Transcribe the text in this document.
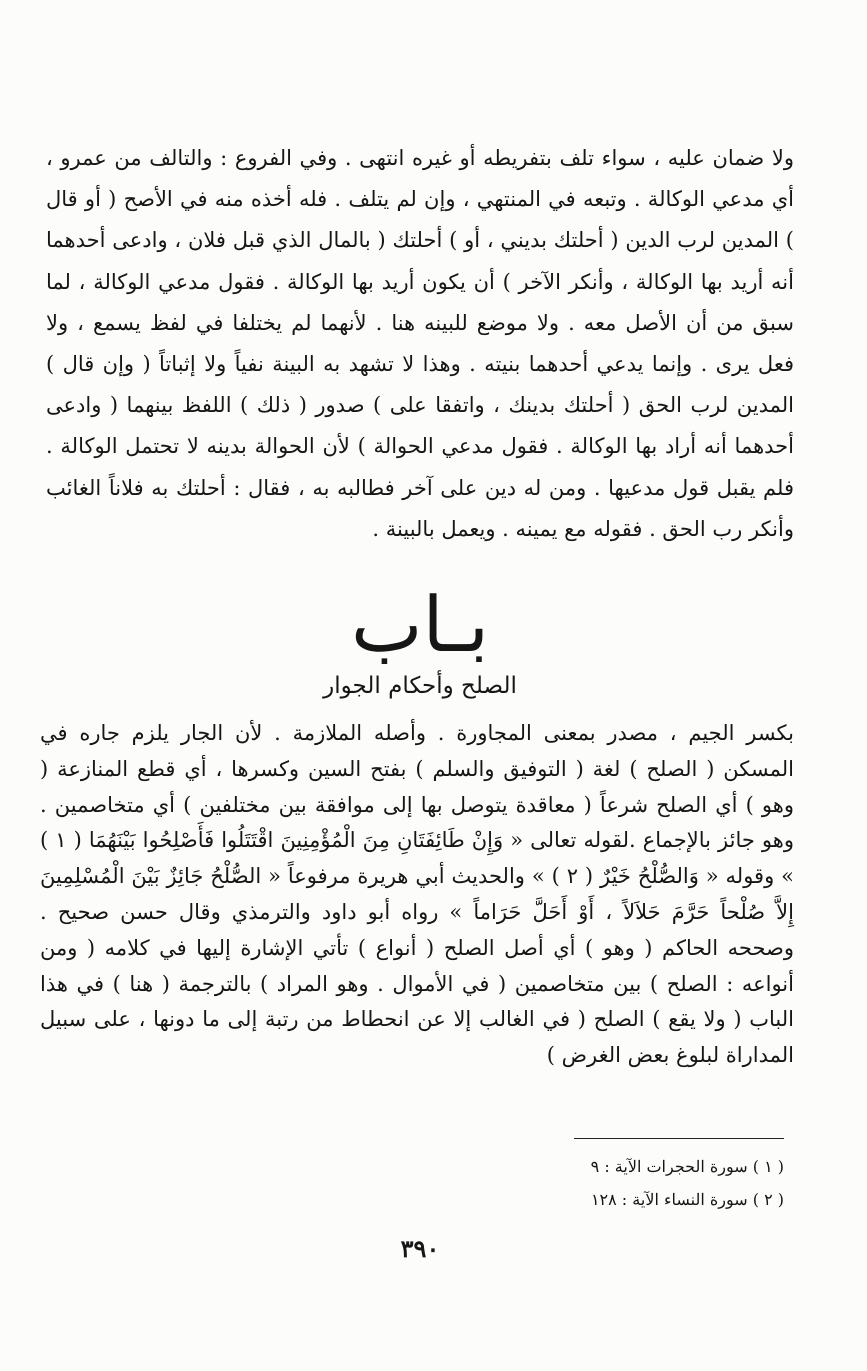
ولا ضمان عليه ، سواء تلف بتفريطه أو غيره انتهى . وفي الفروع : والتالف من عمرو ، أي مدعي الوكالة . وتبعه في المنتهي ، وإن لم يتلف . فله أخذه منه في الأصح ( أو قال ) المدين لرب الدين ( أحلتك بديني ، أو ) أحلتك ( بالمال الذي قبل فلان ، وادعى أحدهما أنه أريد بها الوكالة ، وأنكر الآخر ) أن يكون أريد بها الوكالة . فقول مدعي الوكالة ، لما سبق من أن الأصل معه . ولا موضع للبينه هنا . لأنهما لم يختلفا في لفظ يسمع ، ولا فعل يرى . وإنما يدعي أحدهما بنيته . وهذا لا تشهد به البينة نفياً ولا إثباتاً ( وإن قال ) المدين لرب الحق ( أحلتك بدينك ، واتفقا على ) صدور ( ذلك ) اللفظ بينهما ( وادعى أحدهما أنه أراد بها الوكالة . فقول مدعي الحوالة ) لأن الحوالة بدينه لا تحتمل الوكالة . فلم يقبل قول مدعيها . ومن له دين على آخر فطالبه به ، فقال : أحلتك به فلاناً الغائب وأنكر رب الحق . فقوله مع يمينه . ويعمل بالبينة .
بـاب
الصلح وأحكام الجوار
بكسر الجيم ، مصدر بمعنى المجاورة . وأصله الملازمة . لأن الجار يلزم جاره في المسكن ( الصلح ) لغة ( التوفيق والسلم ) بفتح السين وكسرها ، أي قطع المنازعة ( وهو ) أي الصلح شرعاً ( معاقدة يتوصل بها إلى موافقة بين مختلفين ) أي متخاصمين . وهو جائز بالإجماع .لقوله تعالى « وَإِنْ طَائِفَتَانِ مِنَ الْمُؤْمِنِينَ اقْتَتَلُوا فَأَصْلِحُوا بَيْنَهُمَا ( ١ ) » وقوله « وَالصُّلْحُ خَيْرٌ ( ٢ ) » والحديث أبي هريرة مرفوعاً « الصُّلْحُ جَائِزٌ بَيْنَ الْمُسْلِمِينَ إِلاَّ صُلْحاً حَرَّمَ حَلاَلاً ، أَوْ أَحَلَّ حَرَاماً » رواه أبو داود والترمذي وقال حسن صحيح . وصححه الحاكم ( وهو ) أي أصل الصلح ( أنواع ) تأتي الإشارة إليها في كلامه ( ومن أنواعه : الصلح ) بين متخاصمين ( في الأموال . وهو المراد ) بالترجمة ( هنا ) في هذا الباب ( ولا يقع ) الصلح ( في الغالب إلا عن انحطاط من رتبة إلى ما دونها ، على سبيل المداراة لبلوغ بعض الغرض )
( ١ ) سورة الحجرات الآية : ٩
( ٢ ) سورة النساء الآية : ١٢٨
٣٩٠
